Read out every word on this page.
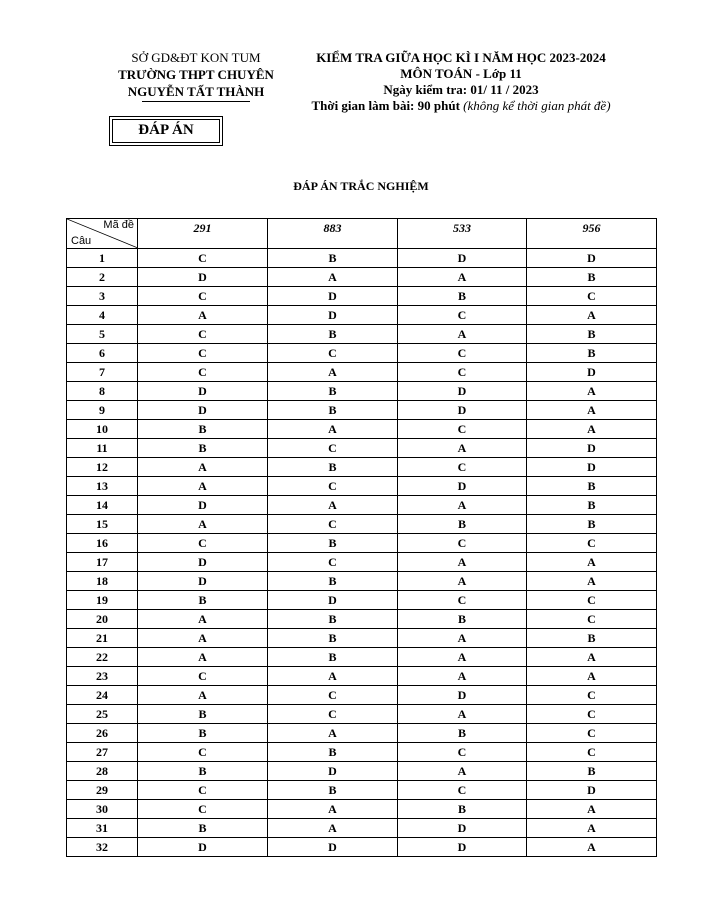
SỞ GD&ĐT KON TUM
TRƯỜNG THPT CHUYÊN
NGUYỄN TẤT THÀNH
ĐÁP ÁN
KIỂM TRA GIỮA HỌC KÌ I NĂM HỌC 2023-2024
MÔN TOÁN - Lớp 11
Ngày kiểm tra: 01/ 11 / 2023
Thời gian làm bài: 90 phút (không kể thời gian phát đề)
ĐÁP ÁN TRẮC NGHIỆM
Mã đề
Câu	291	883	533	956
1	C	B	D	D
2	D	A	A	B
3	C	D	B	C
4	A	D	C	A
5	C	B	A	B
6	C	C	C	B
7	C	A	C	D
8	D	B	D	A
9	D	B	D	A
10	B	A	C	A
11	B	C	A	D
12	A	B	C	D
13	A	C	D	B
14	D	A	A	B
15	A	C	B	B
16	C	B	C	C
17	D	C	A	A
18	D	B	A	A
19	B	D	C	C
20	A	B	B	C
21	A	B	A	B
22	A	B	A	A
23	C	A	A	A
24	A	C	D	C
25	B	C	A	C
26	B	A	B	C
27	C	B	C	C
28	B	D	A	B
29	C	B	C	D
30	C	A	B	A
31	B	A	D	A
32	D	D	D	A
